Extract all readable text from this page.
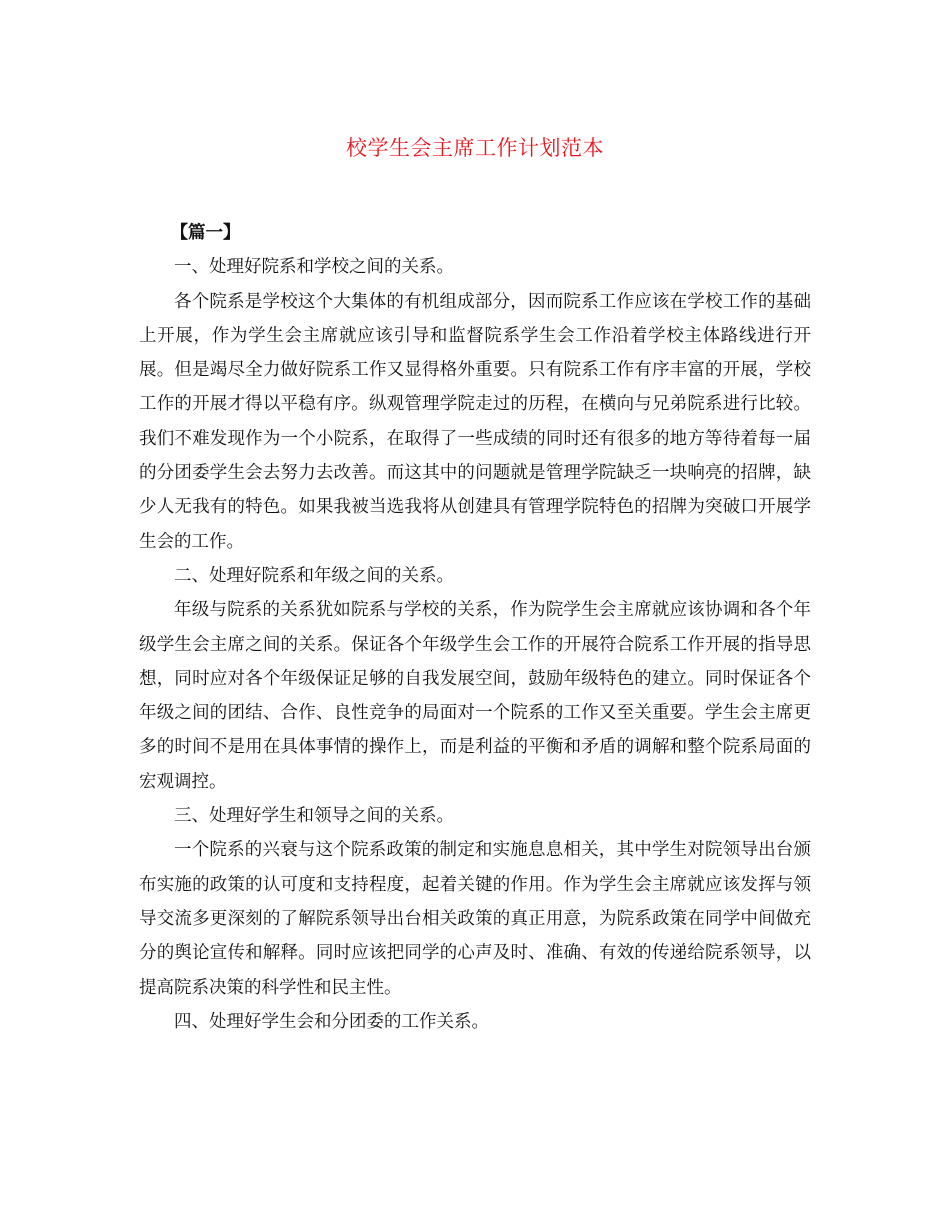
校学生会主席工作计划范本

【篇一】

一、处理好院系和学校之间的关系。

各个院系是学校这个大集体的有机组成部分，因而院系工作应该在学校工作的基础上开展，作为学生会主席就应该引导和监督院系学生会工作沿着学校主体路线进行开展。但是竭尽全力做好院系工作又显得格外重要。只有院系工作有序丰富的开展，学校工作的开展才得以平稳有序。纵观管理学院走过的历程，在横向与兄弟院系进行比较。我们不难发现作为一个小院系，在取得了一些成绩的同时还有很多的地方等待着每一届的分团委学生会去努力去改善。而这其中的问题就是管理学院缺乏一块响亮的招牌，缺少人无我有的特色。如果我被当选我将从创建具有管理学院特色的招牌为突破口开展学生会的工作。

二、处理好院系和年级之间的关系。

年级与院系的关系犹如院系与学校的关系，作为院学生会主席就应该协调和各个年级学生会主席之间的关系。保证各个年级学生会工作的开展符合院系工作开展的指导思想，同时应对各个年级保证足够的自我发展空间，鼓励年级特色的建立。同时保证各个年级之间的团结、合作、良性竞争的局面对一个院系的工作又至关重要。学生会主席更多的时间不是用在具体事情的操作上，而是利益的平衡和矛盾的调解和整个院系局面的宏观调控。

三、处理好学生和领导之间的关系。

一个院系的兴衰与这个院系政策的制定和实施息息相关，其中学生对院领导出台颁布实施的政策的认可度和支持程度，起着关键的作用。作为学生会主席就应该发挥与领导交流多更深刻的了解院系领导出台相关政策的真正用意，为院系政策在同学中间做充分的舆论宣传和解释。同时应该把同学的心声及时、准确、有效的传递给院系领导，以提高院系决策的科学性和民主性。

四、处理好学生会和分团委的工作关系。
